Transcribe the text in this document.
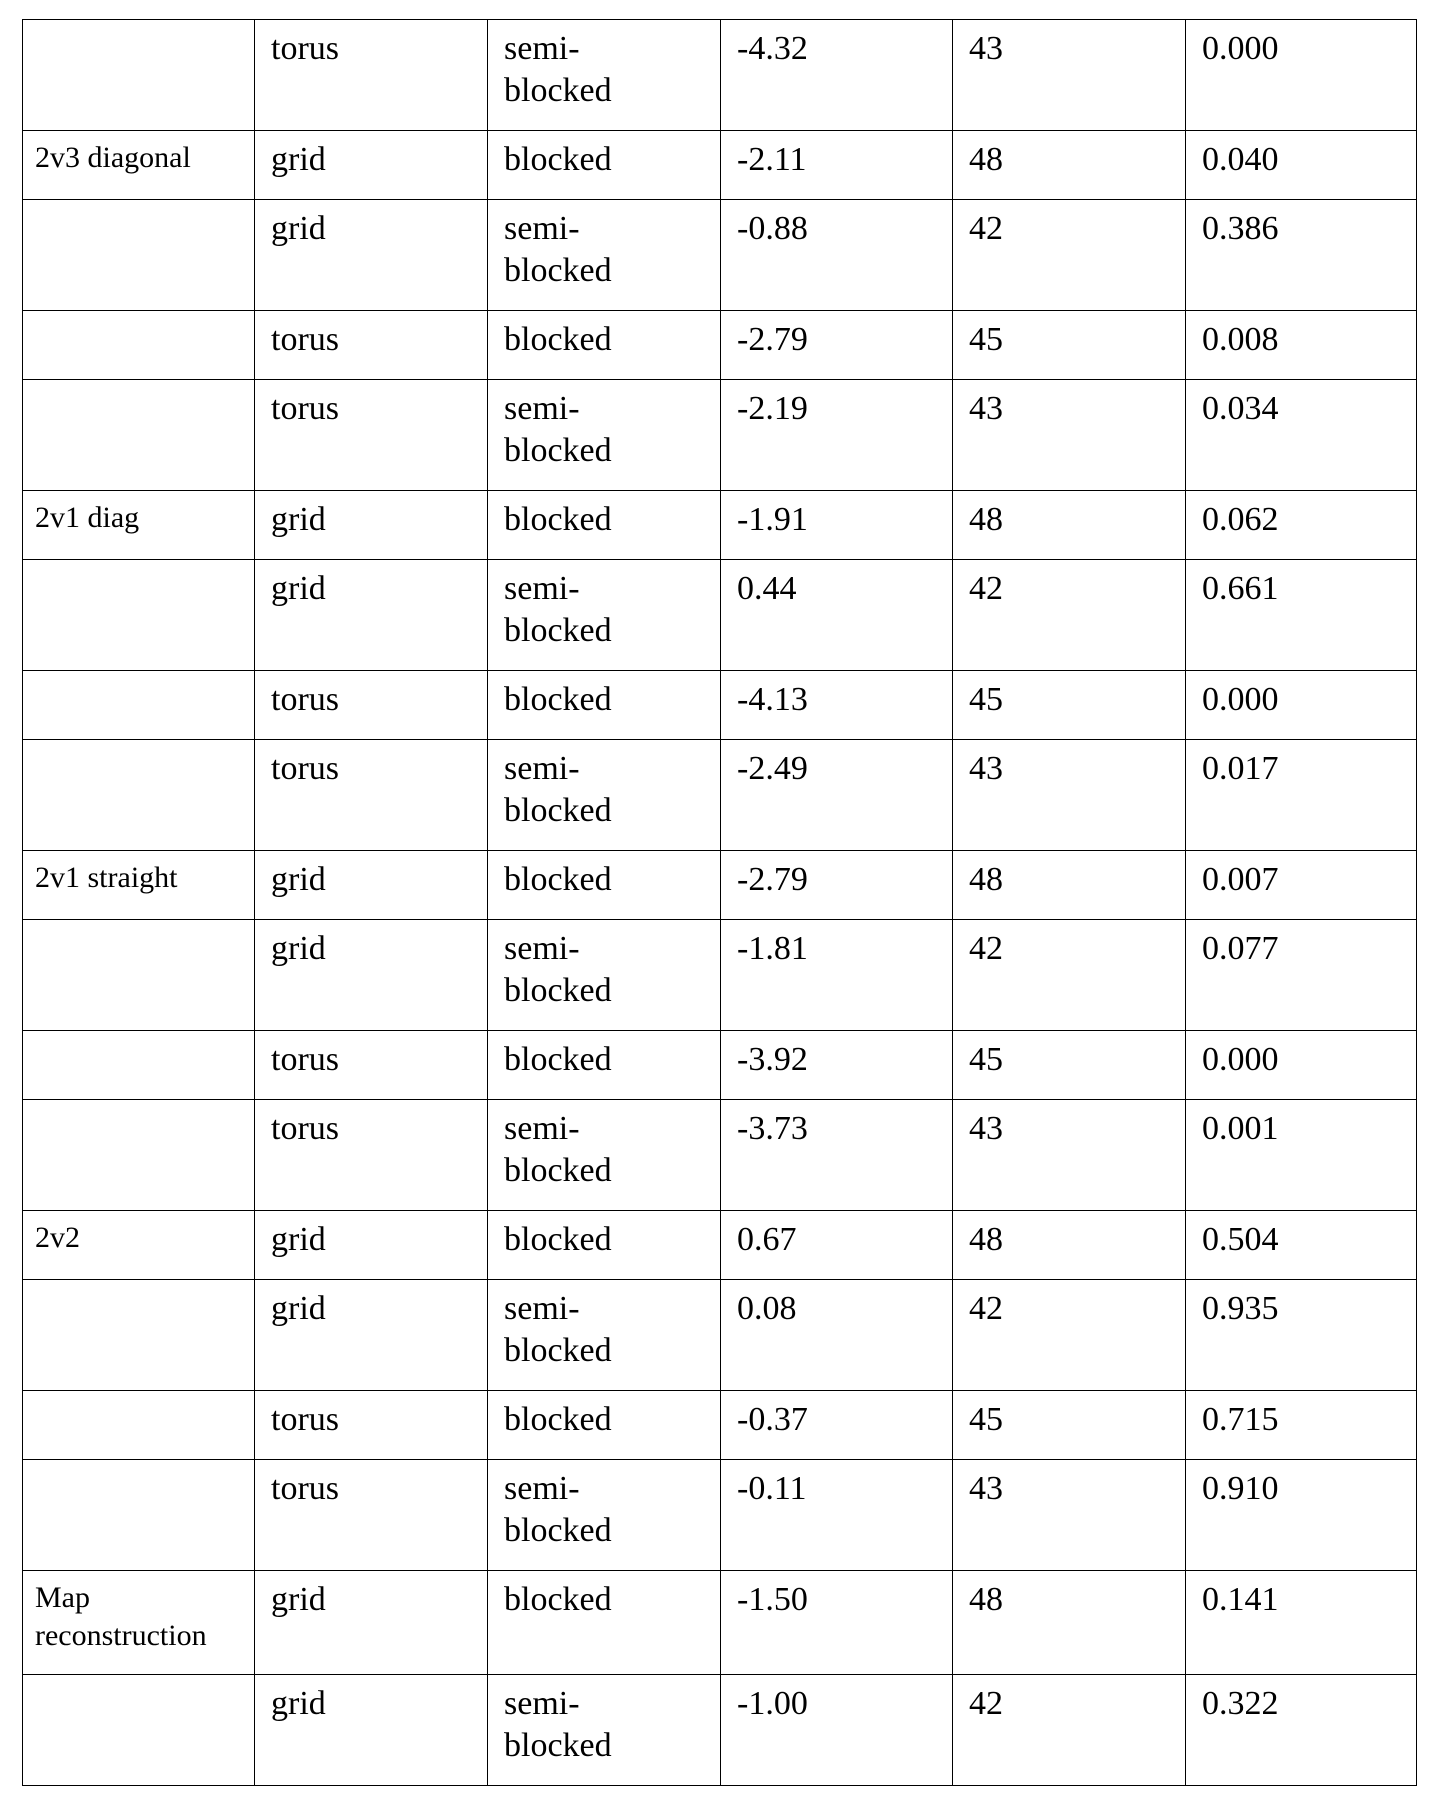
	torus	semi-
blocked	-4.32	43	0.000
2v3 diagonal	grid	blocked	-2.11	48	0.040
	grid	semi-
blocked	-0.88	42	0.386
	torus	blocked	-2.79	45	0.008
	torus	semi-
blocked	-2.19	43	0.034
2v1 diag	grid	blocked	-1.91	48	0.062
	grid	semi-
blocked	0.44	42	0.661
	torus	blocked	-4.13	45	0.000
	torus	semi-
blocked	-2.49	43	0.017
2v1 straight	grid	blocked	-2.79	48	0.007
	grid	semi-
blocked	-1.81	42	0.077
	torus	blocked	-3.92	45	0.000
	torus	semi-
blocked	-3.73	43	0.001
2v2	grid	blocked	0.67	48	0.504
	grid	semi-
blocked	0.08	42	0.935
	torus	blocked	-0.37	45	0.715
	torus	semi-
blocked	-0.11	43	0.910
Map reconstruction	grid	blocked	-1.50	48	0.141
	grid	semi-
blocked	-1.00	42	0.322
